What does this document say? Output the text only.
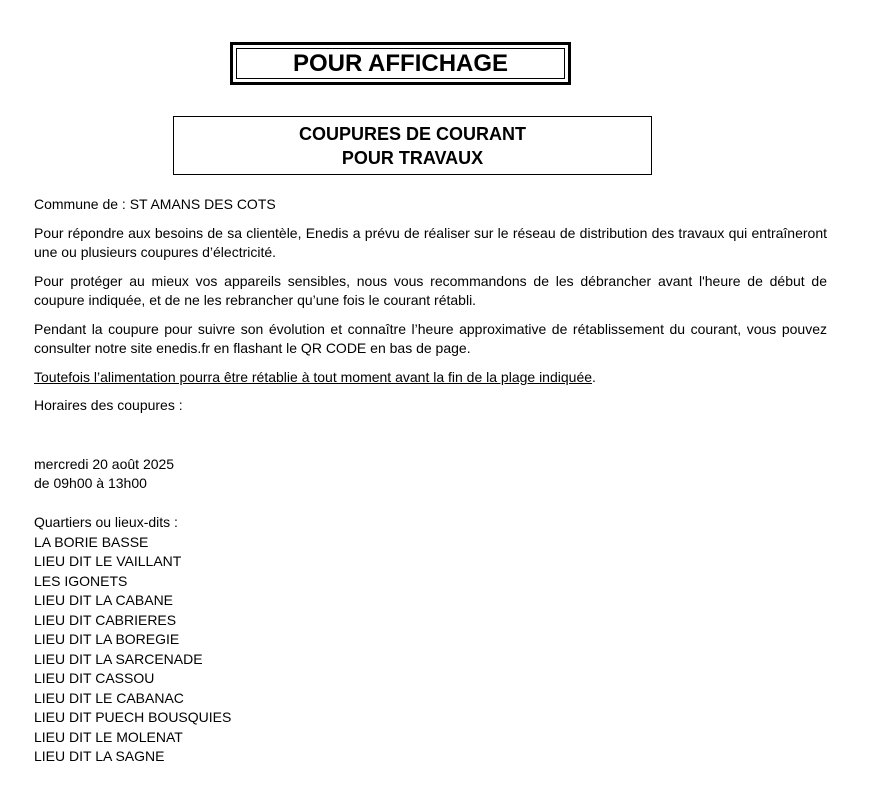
POUR AFFICHAGE
COUPURES DE COURANT
POUR TRAVAUX

Commune de : ST AMANS DES COTS

Pour répondre aux besoins de sa clientèle, Enedis a prévu de réaliser sur le réseau de distribution des travaux qui entraîneront une ou plusieurs coupures d’électricité.

Pour protéger au mieux vos appareils sensibles, nous vous recommandons de les débrancher avant l'heure de début de coupure indiquée, et de ne les rebrancher qu’une fois le courant rétabli.

Pendant la coupure pour suivre son évolution et connaître l’heure approximative de rétablissement du courant, vous pouvez consulter notre site enedis.fr en flashant le QR CODE en bas de page.

Toutefois l’alimentation pourra être rétablie à tout moment avant la fin de la plage indiquée.

Horaires des coupures :

mercredi 20 août 2025

de 09h00 à 13h00

Quartiers ou lieux-dits :

LA BORIE BASSE

LIEU DIT LE VAILLANT

LES IGONETS

LIEU DIT LA CABANE

LIEU DIT CABRIERES

LIEU DIT LA BOREGIE

LIEU DIT LA SARCENADE

LIEU DIT CASSOU

LIEU DIT LE CABANAC

LIEU DIT PUECH BOUSQUIES

LIEU DIT LE MOLENAT

LIEU DIT LA SAGNE
